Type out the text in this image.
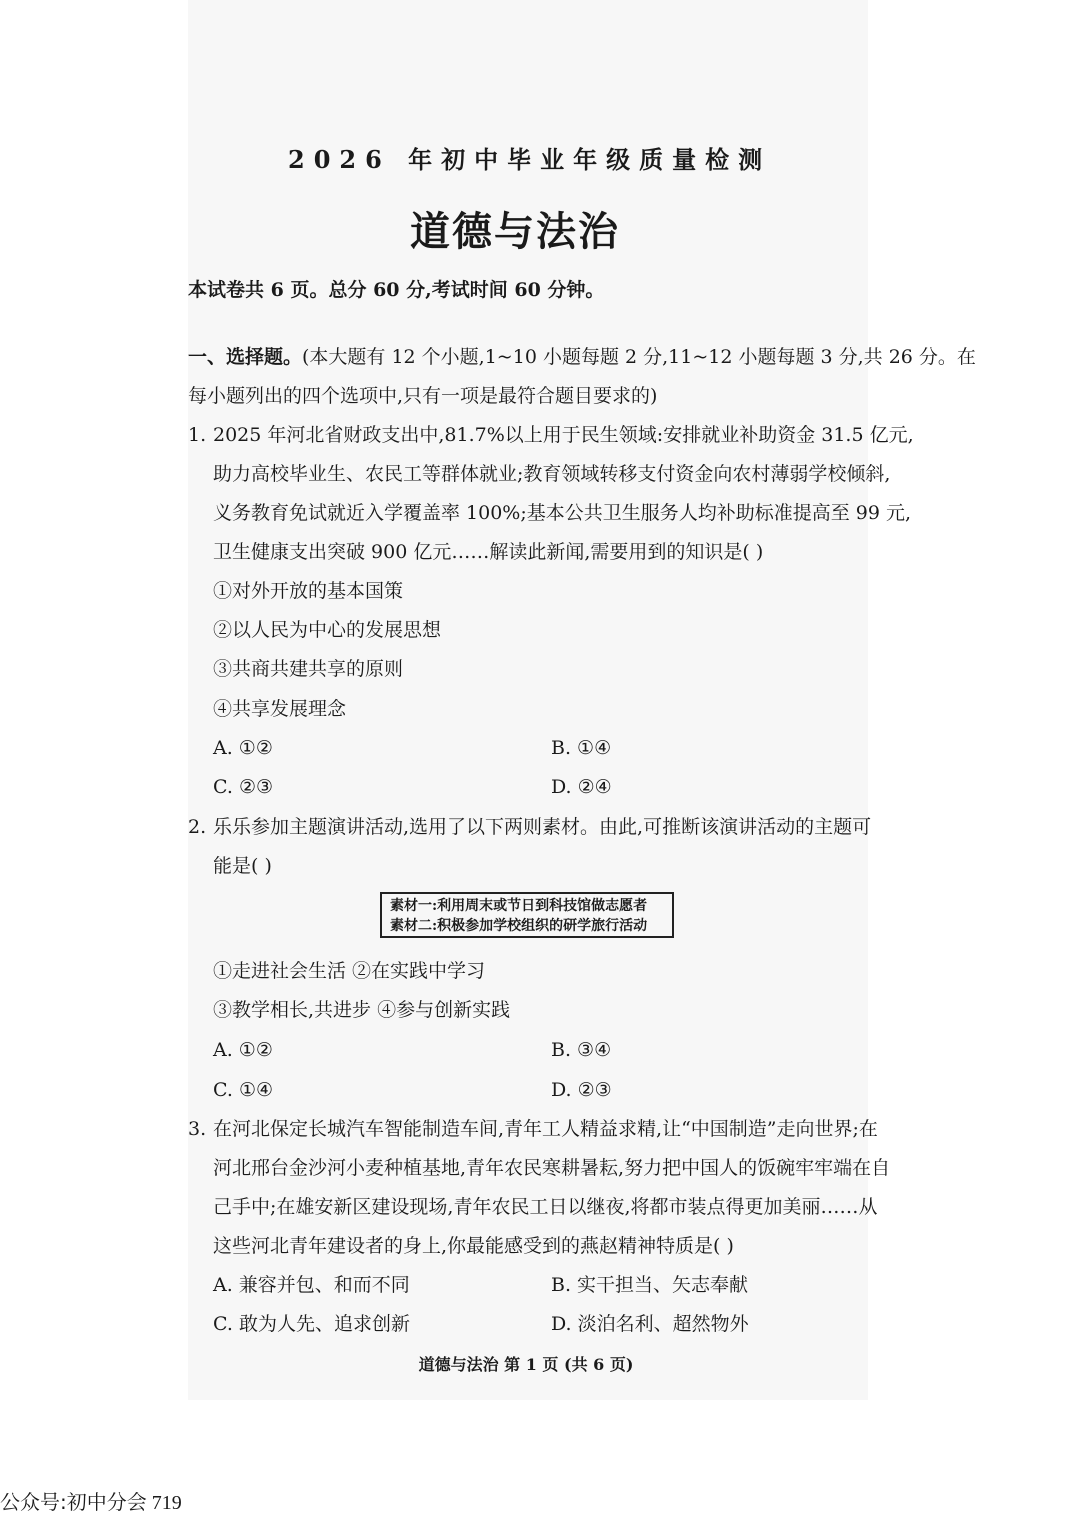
2026 年初中毕业年级质量检测
道德与法治
本试卷共 6 页。总分 60 分,考试时间 60 分钟。
一、选择题。(本大题有 12 个小题,1~10 小题每题 2 分,11~12 小题每题 3 分,共 26 分。在
每小题列出的四个选项中,只有一项是最符合题目要求的)
1. 2025 年河北省财政支出中,81.7%以上用于民生领域:安排就业补助资金 31.5 亿元,
助力高校毕业生、农民工等群体就业;教育领域转移支付资金向农村薄弱学校倾斜,
义务教育免试就近入学覆盖率 100%;基本公共卫生服务人均补助标准提高至 99 元,
卫生健康支出突破 900 亿元……解读此新闻,需要用到的知识是( )
①对外开放的基本国策
②以人民为中心的发展思想
③共商共建共享的原则
④共享发展理念
A. ①②	B. ①④
C. ②③	D. ②④
2. 乐乐参加主题演讲活动,选用了以下两则素材。由此,可推断该演讲活动的主题可
能是( )
素材一:利用周末或节日到科技馆做志愿者
素材二:积极参加学校组织的研学旅行活动
①走进社会生活 ②在实践中学习
③教学相长,共进步 ④参与创新实践
A. ①②	B. ③④
C. ①④	D. ②③
3. 在河北保定长城汽车智能制造车间,青年工人精益求精,让“中国制造”走向世界;在
河北邢台金沙河小麦种植基地,青年农民寒耕暑耘,努力把中国人的饭碗牢牢端在自
己手中;在雄安新区建设现场,青年农民工日以继夜,将都市装点得更加美丽……从
这些河北青年建设者的身上,你最能感受到的燕赵精神特质是( )
A. 兼容并包、和而不同	B. 实干担当、矢志奉献
C. 敢为人先、追求创新	D. 淡泊名利、超然物外
道德与法治 第 1 页 (共 6 页)
公众号:初中分会 719
